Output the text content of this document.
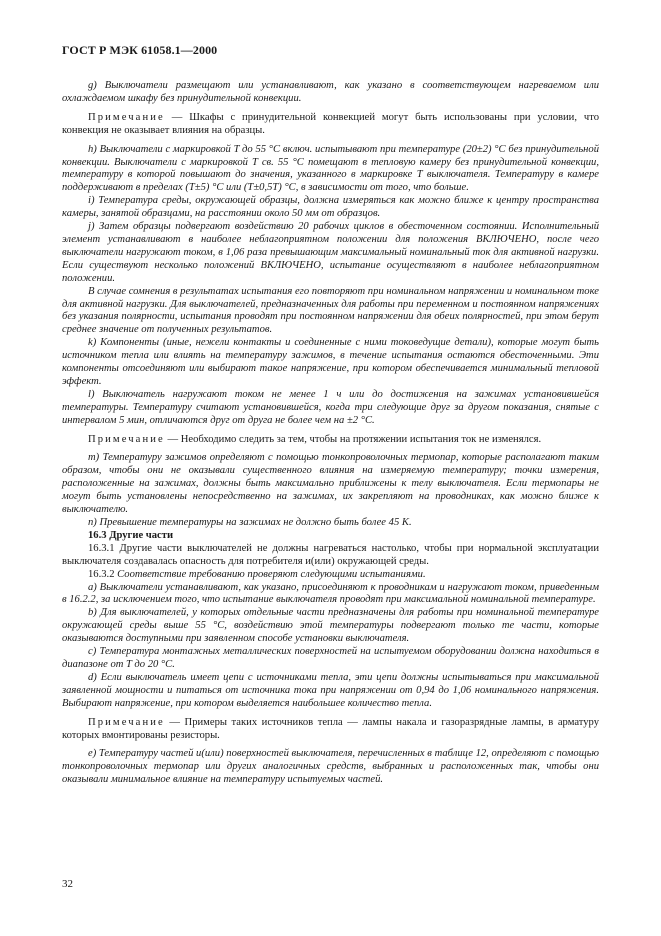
ГОСТ Р МЭК 61058.1—2000

g) Выключатели размещают или устанавливают, как указано в соответствующем нагреваемом или охлаждаемом шкафу без принудительной конвекции.

Примечание — Шкафы с принудительной конвекцией могут быть использованы при условии, что конвекция не оказывает влияния на образцы.

h) Выключатели с маркировкой T до 55 °С включ. испытывают при температуре (20±2) °С без принудительной конвекции. Выключатели с маркировкой T св. 55 °С помещают в тепловую камеру без принудительной конвекции, температуру в которой повышают до значения, указанного в маркировке T выключателя. Температуру в камере поддерживают в пределах (T±5) °С или (T±0,5T) °С, в зависимости от того, что больше.

i) Температура среды, окружающей образцы, должна измеряться как можно ближе к центру пространства камеры, занятой образцами, на расстоянии около 50 мм от образцов.

j) Затем образцы подвергают воздействию 20 рабочих циклов в обесточенном состоянии. Исполнительный элемент устанавливают в наиболее неблагоприятном положении для положения ВКЛЮЧЕНО, после чего выключатели нагружают током, в 1,06 раза превышающим максимальный номинальный ток для активной нагрузки. Если существуют несколько положений ВКЛЮЧЕНО, испытание осуществляют в наиболее неблагоприятном положении.

В случае сомнения в результатах испытания его повторяют при номинальном напряжении и номинальном токе для активной нагрузки. Для выключателей, предназначенных для работы при переменном и постоянном напряжениях без указания полярности, испытания проводят при постоянном напряжении для обеих полярностей, при этом берут среднее значение от полученных результатов.

k) Компоненты (иные, нежели контакты и соединенные с ними токоведущие детали), которые могут быть источником тепла или влиять на температуру зажимов, в течение испытания остаются обесточенными. Эти компоненты отсоединяют или выбирают такое напряжение, при котором обеспечивается минимальный тепловой эффект.

l) Выключатель нагружают током не менее 1 ч или до достижения на зажимах установившейся температуры. Температуру считают установившейся, когда три следующие друг за другом показания, снятые с интервалом 5 мин, отличаются друг от друга не более чем на ±2 °С.

Примечание — Необходимо следить за тем, чтобы на протяжении испытания ток не изменялся.

m) Температуру зажимов определяют с помощью тонкопроволочных термопар, которые располагают таким образом, чтобы они не оказывали существенного влияния на измеряемую температуру; точки измерения, расположенные на зажимах, должны быть максимально приближены к телу выключателя. Если термопары не могут быть установлены непосредственно на зажимах, их закрепляют на проводниках, как можно ближе к выключателю.

n) Превышение температуры на зажимах не должно быть более 45 K.

16.3 Другие части

16.3.1 Другие части выключателей не должны нагреваться настолько, чтобы при нормальной эксплуатации выключателя создавалась опасность для потребителя и(или) окружающей среды.

16.3.2 Соответствие требованию проверяют следующими испытаниями.

a) Выключатели устанавливают, как указано, присоединяют к проводникам и нагружают током, приведенным в 16.2.2, за исключением того, что испытание выключателя проводят при максимальной номинальной температуре.

b) Для выключателей, у которых отдельные части предназначены для работы при номинальной температуре окружающей среды выше 55 °С, воздействию этой температуры подвергают только те части, которые оказываются доступными при заявленном способе установки выключателя.

c) Температура монтажных металлических поверхностей на испытуемом оборудовании должна находиться в диапазоне от T до 20 °С.

d) Если выключатель имеет цепи с источниками тепла, эти цепи должны испытываться при максимальной заявленной мощности и питаться от источника тока при напряжении от 0,94 до 1,06 номинального напряжения. Выбирают напряжение, при котором выделяется наибольшее количество тепла.

Примечание — Примеры таких источников тепла — лампы накала и газоразрядные лампы, в арматуру которых вмонтированы резисторы.

e) Температуру частей и(или) поверхностей выключателя, перечисленных в таблице 12, определяют с помощью тонкопроволочных термопар или других аналогичных средств, выбранных и расположенных так, чтобы они оказывали минимальное влияние на температуру испытуемых частей.

32
